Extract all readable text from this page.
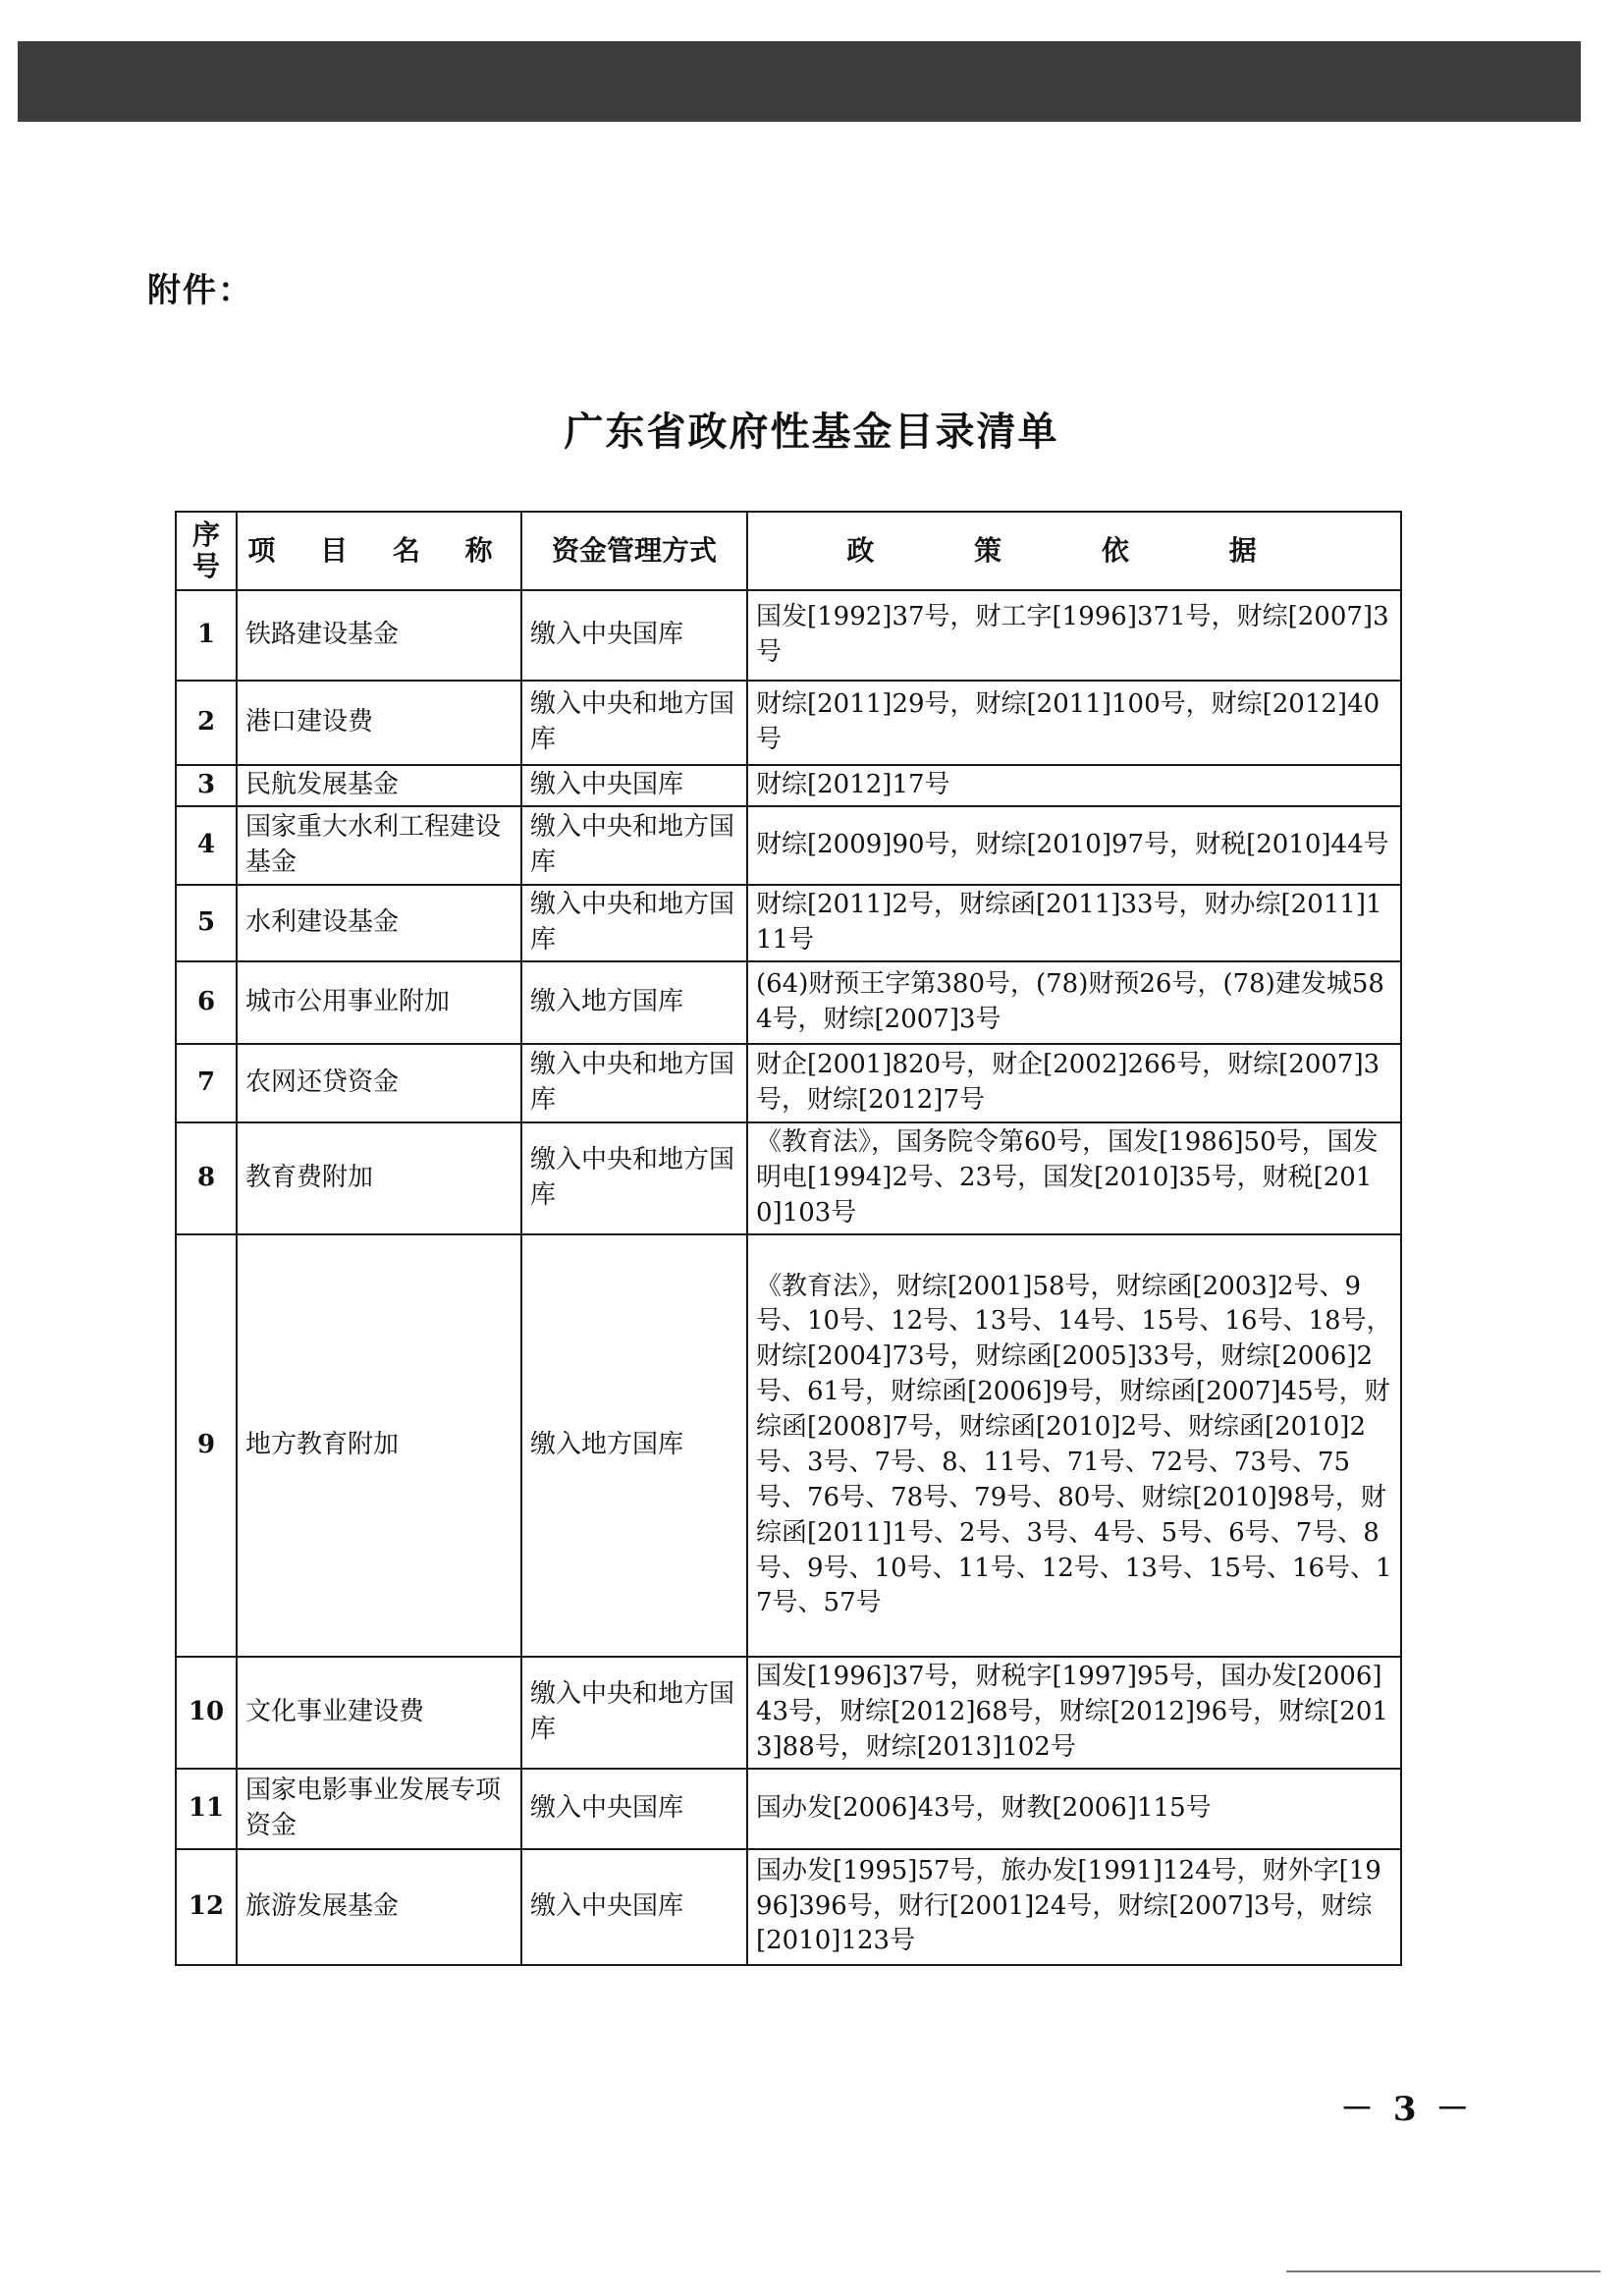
附件：
广东省政府性基金目录清单
序号	项 目 名 称	资金管理方式	政 策 依 据
1	铁路建设基金	缴入中央国库	国发[1992]37号，财工字[1996]371号，财综[2007]3号
2	港口建设费	缴入中央和地方国库	财综[2011]29号，财综[2011]100号，财综[2012]40号
3	民航发展基金	缴入中央国库	财综[2012]17号
4	国家重大水利工程建设基金	缴入中央和地方国库	财综[2009]90号，财综[2010]97号，财税[2010]44号
5	水利建设基金	缴入中央和地方国库	财综[2011]2号，财综函[2011]33号，财办综[2011]111号
6	城市公用事业附加	缴入地方国库	(64)财预王字第380号，(78)财预26号，(78)建发城584号，财综[2007]3号
7	农网还贷资金	缴入中央和地方国库	财企[2001]820号，财企[2002]266号，财综[2007]3号，财综[2012]7号
8	教育费附加	缴入中央和地方国库	《教育法》，国务院令第60号，国发[1986]50号，国发明电[1994]2号、23号，国发[2010]35号，财税[2010]103号
9	地方教育附加	缴入地方国库	《教育法》，财综[2001]58号，财综函[2003]2号、9号、10号、12号、13号、14号、15号、16号、18号，财综[2004]73号，财综函[2005]33号，财综[2006]2号、61号，财综函[2006]9号，财综函[2007]45号，财综函[2008]7号，财综函[2010]2号、财综函[2010]2号、3号、7号、8、11号、71号、72号、73号、75号、76号、78号、79号、80号、财综[2010]98号，财综函[2011]1号、2号、3号、4号、5号、6号、7号、8号、9号、10号、11号、12号、13号、15号、16号、17号、57号
10	文化事业建设费	缴入中央和地方国库	国发[1996]37号，财税字[1997]95号，国办发[2006]43号，财综[2012]68号，财综[2012]96号，财综[2013]88号，财综[2013]102号
11	国家电影事业发展专项资金	缴入中央国库	国办发[2006]43号，财教[2006]115号
12	旅游发展基金	缴入中央国库	国办发[1995]57号，旅办发[1991]124号，财外字[1996]396号，财行[2001]24号，财综[2007]3号，财综[2010]123号
－ 3 －
